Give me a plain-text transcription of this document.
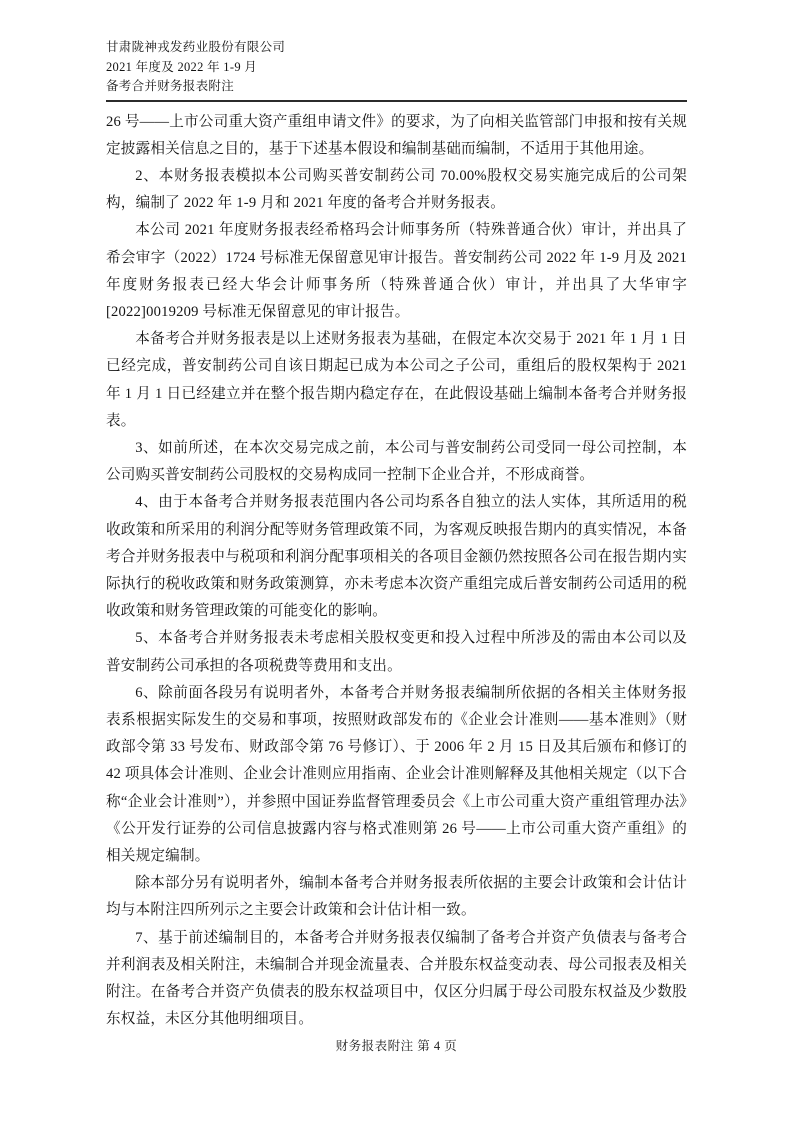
甘肃陇神戎发药业股份有限公司
2021 年度及 2022 年 1-9 月
备考合并财务报表附注

26 号——上市公司重大资产重组申请文件》的要求，为了向相关监管部门申报和按有关规定披露相关信息之目的，基于下述基本假设和编制基础而编制，不适用于其他用途。

2、本财务报表模拟本公司购买普安制药公司 70.00%股权交易实施完成后的公司架构，编制了 2022 年 1-9 月和 2021 年度的备考合并财务报表。

本公司 2021 年度财务报表经希格玛会计师事务所（特殊普通合伙）审计，并出具了希会审字（2022）1724 号标准无保留意见审计报告。普安制药公司 2022 年 1-9 月及 2021 年度财务报表已经大华会计师事务所（特殊普通合伙）审计，并出具了大华审字[2022]0019209 号标准无保留意见的审计报告。

本备考合并财务报表是以上述财务报表为基础，在假定本次交易于 2021 年 1 月 1 日已经完成，普安制药公司自该日期起已成为本公司之子公司，重组后的股权架构于 2021 年 1 月 1 日已经建立并在整个报告期内稳定存在，在此假设基础上编制本备考合并财务报表。

3、如前所述，在本次交易完成之前，本公司与普安制药公司受同一母公司控制，本公司购买普安制药公司股权的交易构成同一控制下企业合并，不形成商誉。

4、由于本备考合并财务报表范围内各公司均系各自独立的法人实体，其所适用的税收政策和所采用的利润分配等财务管理政策不同，为客观反映报告期内的真实情况，本备考合并财务报表中与税项和利润分配事项相关的各项目金额仍然按照各公司在报告期内实际执行的税收政策和财务政策测算，亦未考虑本次资产重组完成后普安制药公司适用的税收政策和财务管理政策的可能变化的影响。

5、本备考合并财务报表未考虑相关股权变更和投入过程中所涉及的需由本公司以及普安制药公司承担的各项税费等费用和支出。

6、除前面各段另有说明者外，本备考合并财务报表编制所依据的各相关主体财务报表系根据实际发生的交易和事项，按照财政部发布的《企业会计准则——基本准则》（财政部令第 33 号发布、财政部令第 76 号修订）、于 2006 年 2 月 15 日及其后颁布和修订的 42 项具体会计准则、企业会计准则应用指南、企业会计准则解释及其他相关规定（以下合称“企业会计准则”），并参照中国证券监督管理委员会《上市公司重大资产重组管理办法》《公开发行证券的公司信息披露内容与格式准则第 26 号——上市公司重大资产重组》的相关规定编制。

除本部分另有说明者外，编制本备考合并财务报表所依据的主要会计政策和会计估计均与本附注四所列示之主要会计政策和会计估计相一致。

7、基于前述编制目的，本备考合并财务报表仅编制了备考合并资产负债表与备考合并利润表及相关附注，未编制合并现金流量表、合并股东权益变动表、母公司报表及相关附注。在备考合并资产负债表的股东权益项目中，仅区分归属于母公司股东权益及少数股东权益，未区分其他明细项目。

财务报表附注 第 4 页
